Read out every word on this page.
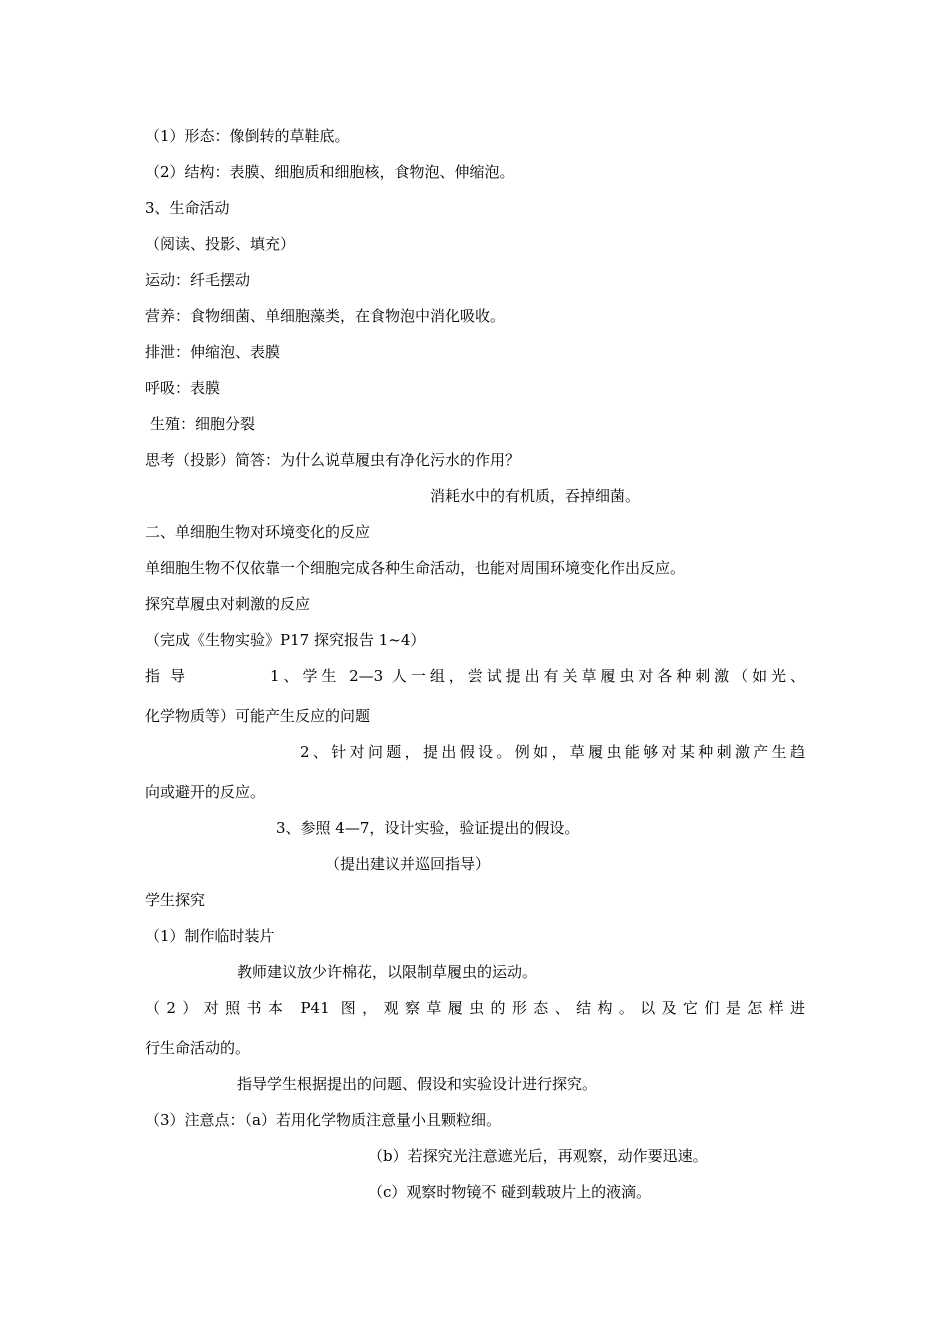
（1）形态：像倒转的草鞋底。
（2）结构：表膜、细胞质和细胞核，食物泡、伸缩泡。
3、生命活动
（阅读、投影、填充）
运动：纤毛摆动
营养：食物细菌、单细胞藻类，在食物泡中消化吸收。
排泄：伸缩泡、表膜
呼吸：表膜
生殖：细胞分裂
思考（投影）简答：为什么说草履虫有净化污水的作用？
消耗水中的有机质，吞掉细菌。
二、单细胞生物对环境变化的反应
单细胞生物不仅依靠一个细胞完成各种生命活动，也能对周围环境变化作出反应。
探究草履虫对刺激的反应
（完成《生物实验》P17 探究报告 1~4）
指 导	1、学生 2—3 人一组，尝试提出有关草履虫对各种刺激（如光、
化学物质等）可能产生反应的问题
2、针对问题，提出假设。例如，草履虫能够对某种刺激产生趋
向或避开的反应。
3、参照 4—7，设计实验，验证提出的假设。
（提出建议并巡回指导）
学生探究
（1）制作临时装片
教师建议放少许棉花，以限制草履虫的运动。
（2）对照书本 P41 图，观察草履虫的形态、结构。以及它们是怎样进
行生命活动的。
指导学生根据提出的问题、假设和实验设计进行探究。
（3）注意点：（a）若用化学物质注意量小且颗粒细。
（b）若探究光注意遮光后，再观察，动作要迅速。
（c）观察时物镜不 碰到载玻片上的液滴。
